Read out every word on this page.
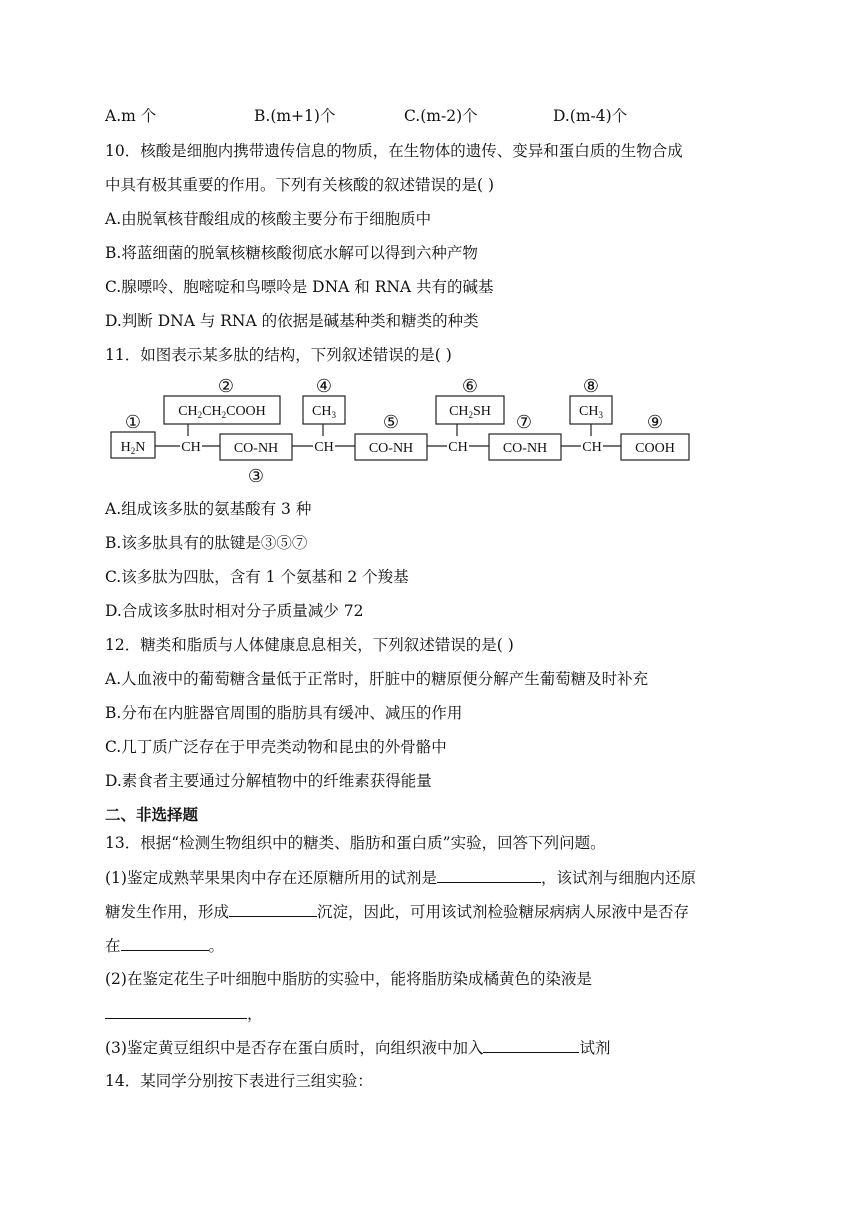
A.m 个	B.(m+1)个	C.(m-2)个	D.(m-4)个
10．核酸是细胞内携带遗传信息的物质，在生物体的遗传、变异和蛋白质的生物合成
中具有极其重要的作用。下列有关核酸的叙述错误的是( )
A.由脱氧核苷酸组成的核酸主要分布于细胞质中
B.将蓝细菌的脱氧核糖核酸彻底水解可以得到六种产物
C.腺嘌呤、胞嘧啶和鸟嘌呤是 DNA 和 RNA 共有的碱基
D.判断 DNA 与 RNA 的依据是碱基种类和糖类的种类
11．如图表示某多肽的结构，下列叙述错误的是( )
①
②
③
④
⑤
⑥
⑦
⑧
⑨
$H_2N$
$CH_2CH_2COOH$	$CH_3$	$CH_2SH$	$CH_3$
CH	CH	CH	CH
CO-NH	CO-NH	CO-NH	COOH
A.组成该多肽的氨基酸有 3 种
B.该多肽具有的肽键是③⑤⑦
C.该多肽为四肽，含有 1 个氨基和 2 个羧基
D.合成该多肽时相对分子质量减少 72
12．糖类和脂质与人体健康息息相关，下列叙述错误的是( )
A.人血液中的葡萄糖含量低于正常时，肝脏中的糖原便分解产生葡萄糖及时补充
B.分布在内脏器官周围的脂肪具有缓冲、减压的作用
C.几丁质广泛存在于甲壳类动物和昆虫的外骨骼中
D.素食者主要通过分解植物中的纤维素获得能量
二、非选择题
13．根据“检测生物组织中的糖类、脂肪和蛋白质”实验，回答下列问题。
(1)鉴定成熟苹果果肉中存在还原糖所用的试剂是	，该试剂与细胞内还原
糖发生作用，形成	沉淀，因此，可用该试剂检验糖尿病病人尿液中是否存
在	。
(2)在鉴定花生子叶细胞中脂肪的实验中，能将脂肪染成橘黄色的染液是
，
(3)鉴定黄豆组织中是否存在蛋白质时，向组织液中加入	试剂
14．某同学分别按下表进行三组实验：
